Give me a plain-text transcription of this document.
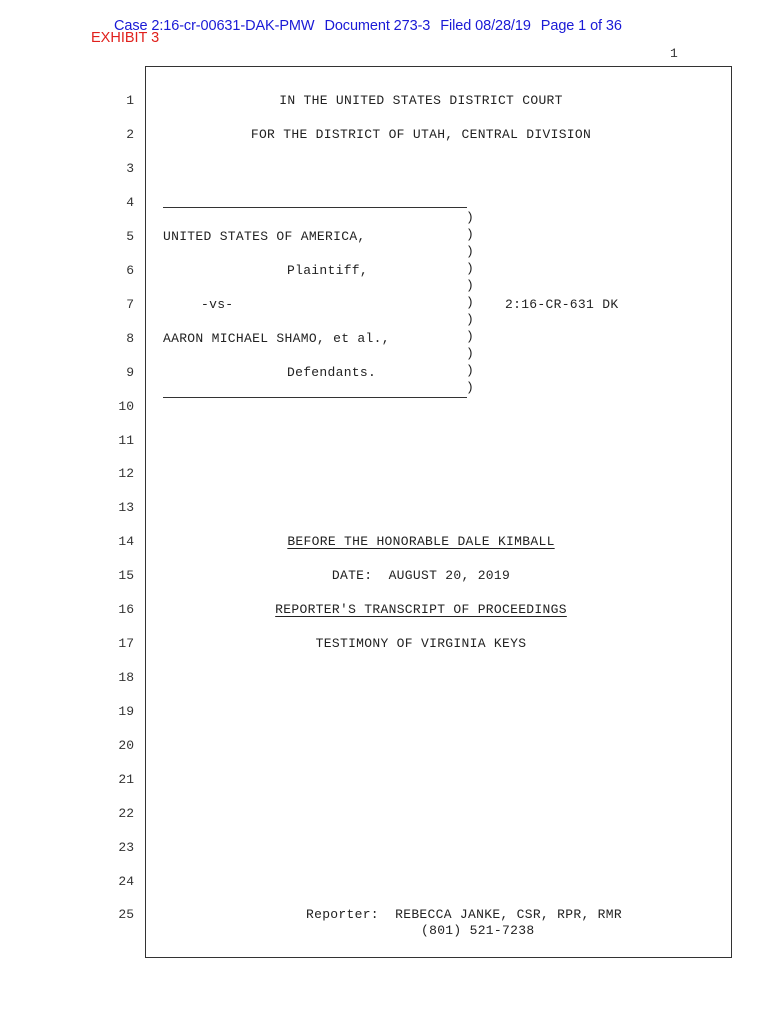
Case 2:16-cr-00631-DAK-PMW Document 273-3 Filed 08/28/19 Page 1 of 36
EXHIBIT 3
1
1
2
3
4
5
6
7
8
9
10
11
12
13
14
15
16
17
18
19
20
21
22
23
24
25
IN THE UNITED STATES DISTRICT COURT
FOR THE DISTRICT OF UTAH, CENTRAL DIVISION
)
)
)
)
)
)
)
)
)
)
)
UNITED STATES OF AMERICA,
Plaintiff,
-vs-	2:16-CR-631 DK
AARON MICHAEL SHAMO, et al.,
Defendants.
BEFORE THE HONORABLE DALE KIMBALL
DATE:  AUGUST 20, 2019
REPORTER'S TRANSCRIPT OF PROCEEDINGS
TESTIMONY OF VIRGINIA KEYS
Reporter:  REBECCA JANKE, CSR, RPR, RMR
(801) 521-7238
